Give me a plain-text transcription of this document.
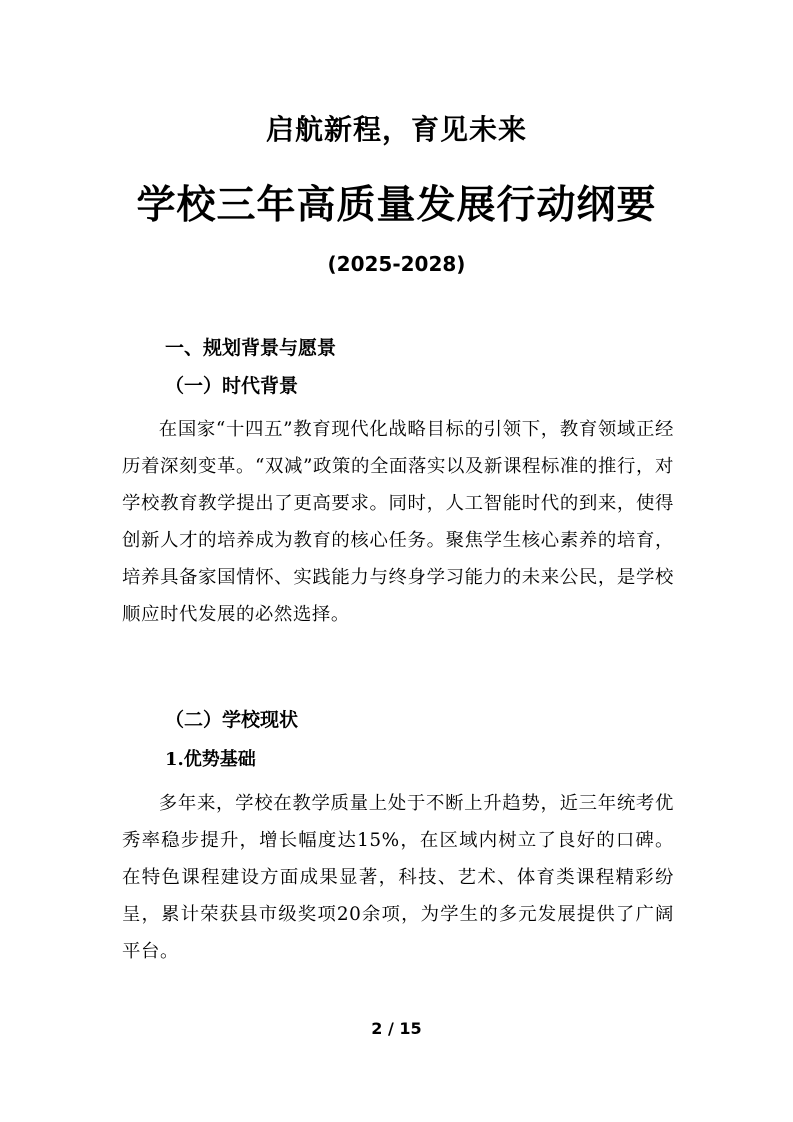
启航新程，育见未来
学校三年高质量发展行动纲要
(2025-2028)
一、规划背景与愿景
（一）时代背景
在国家“十四五”教育现代化战略目标的引领下，教育领域正经历着深刻变革。“双减”政策的全面落实以及新课程标准的推行，对学校教育教学提出了更高要求。同时，人工智能时代的到来，使得创新人才的培养成为教育的核心任务。聚焦学生核心素养的培育，培养具备家国情怀、实践能力与终身学习能力的未来公民，是学校顺应时代发展的必然选择。
（二）学校现状
1.优势基础
多年来，学校在教学质量上处于不断上升趋势，近三年统考优秀率稳步提升，增长幅度达15%，在区域内树立了良好的口碑。在特色课程建设方面成果显著，科技、艺术、体育类课程精彩纷呈，累计荣获县市级奖项20余项，为学生的多元发展提供了广阔平台。
2 / 15
